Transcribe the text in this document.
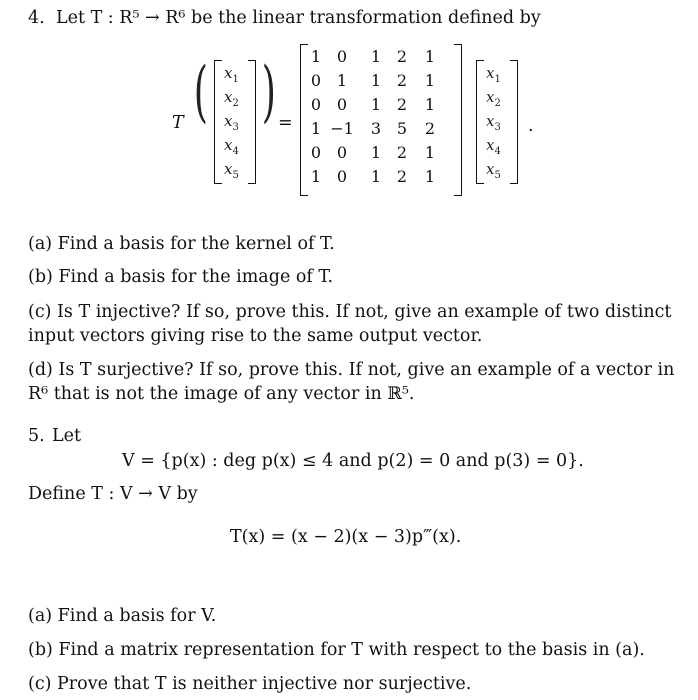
4. Let T : R⁵ → R⁶ be the linear transformation defined by
T ( )
$x_1$
$x_2$
$x_3$
$x_4$
$x_5$
=
1 0	1 2	1
0 1	1 2	1
0 0	1 2	1
1 −1	3 5	2
0 0	1 2	1
1 0	1 2	1
$x_1$
$x_2$
$x_3$
$x_4$
$x_5$
.
(a) Find a basis for the kernel of T.
(b) Find a basis for the image of T.
(c) Is T injective? If so, prove this. If not, give an example of two distinct
input vectors giving rise to the same output vector.
(d) Is T surjective? If so, prove this. If not, give an example of a vector in
R⁶ that is not the image of any vector in ℝ⁵.
5. Let
V = {p(x) : deg p(x) ≤ 4 and p(2) = 0 and p(3) = 0}.
Define T : V → V by
T(x) = (x − 2)(x − 3)p‴(x).
(a) Find a basis for V.
(b) Find a matrix representation for T with respect to the basis in (a).
(c) Prove that T is neither injective nor surjective.
